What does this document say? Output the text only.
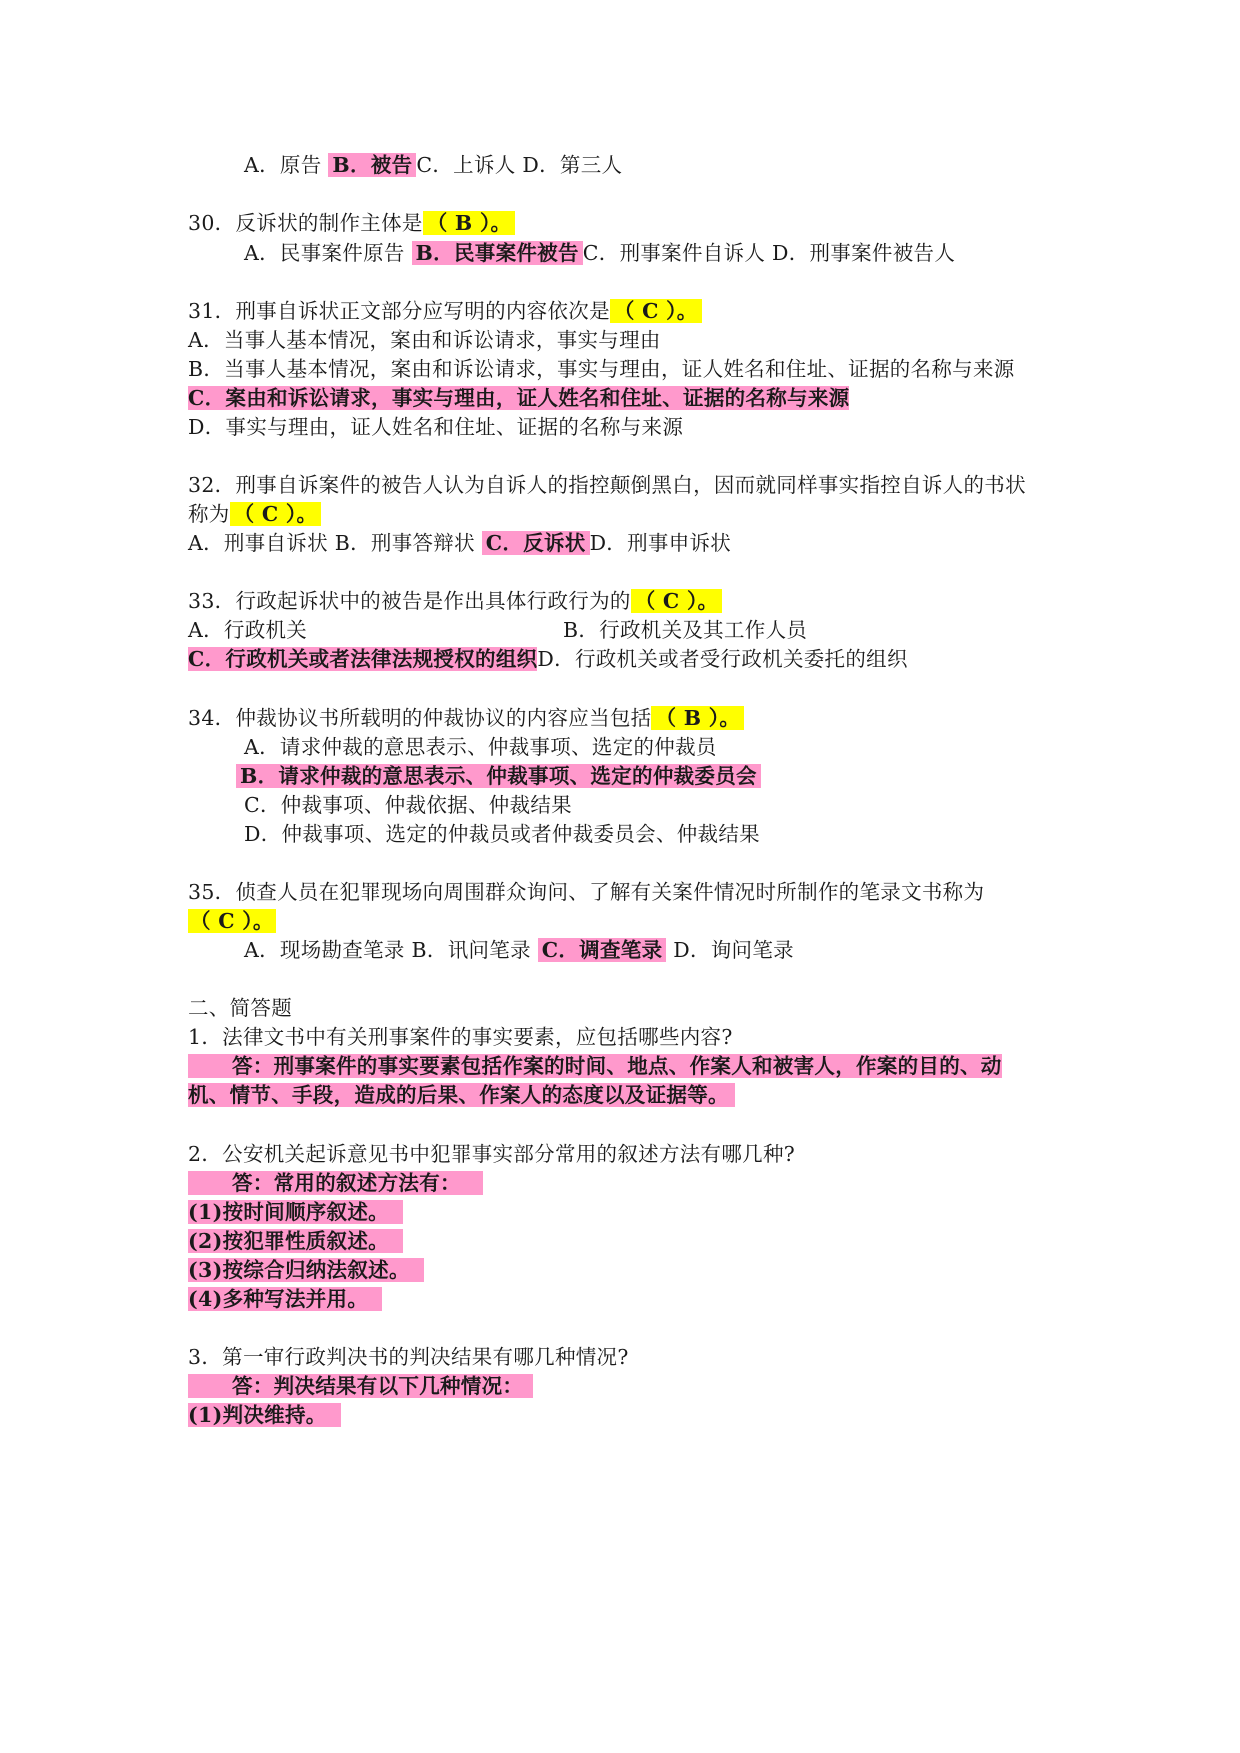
A．原告 B．被告 C．上诉人 D．第三人
30．反诉状的制作主体是 （ B ）。
A．民事案件原告 B．民事案件被告 C．刑事案件自诉人 D．刑事案件被告人
31．刑事自诉状正文部分应写明的内容依次是 （ C ）。
A．当事人基本情况，案由和诉讼请求，事实与理由
B．当事人基本情况，案由和诉讼请求，事实与理由，证人姓名和住址、证据的名称与来源
C．案由和诉讼请求，事实与理由，证人姓名和住址、证据的名称与来源
D．事实与理由，证人姓名和住址、证据的名称与来源
32．刑事自诉案件的被告人认为自诉人的指控颠倒黑白，因而就同样事实指控自诉人的书状
称为 （ C ）。
A．刑事自诉状 B．刑事答辩状 C．反诉状 D．刑事申诉状
33．行政起诉状中的被告是作出具体行政行为的 （ C ）。
A．行政机关	B．行政机关及其工作人员
C．行政机关或者法律法规授权的组织D．行政机关或者受行政机关委托的组织
34．仲裁协议书所载明的仲裁协议的内容应当包括 （ B ）。
A．请求仲裁的意思表示、仲裁事项、选定的仲裁员
B．请求仲裁的意思表示、仲裁事项、选定的仲裁委员会
C．仲裁事项、仲裁依据、仲裁结果
D．仲裁事项、选定的仲裁员或者仲裁委员会、仲裁结果
35．侦查人员在犯罪现场向周围群众询问、了解有关案件情况时所制作的笔录文书称为
（ C ）。
A．现场勘查笔录 B．讯问笔录 C．调查笔录 D．询问笔录
二、简答题
1．法律文书中有关刑事案件的事实要素，应包括哪些内容?
答：刑事案件的事实要素包括作案的时间、地点、作案人和被害人，作案的目的、动
机、情节、手段，造成的后果、作案人的态度以及证据等。
2．公安机关起诉意见书中犯罪事实部分常用的叙述方法有哪几种?
答：常用的叙述方法有：
(1)按时间顺序叙述。
(2)按犯罪性质叙述。
(3)按综合归纳法叙述。
(4)多种写法并用。
3．第一审行政判决书的判决结果有哪几种情况?
答：判决结果有以下几种情况：
(1)判决维持。
